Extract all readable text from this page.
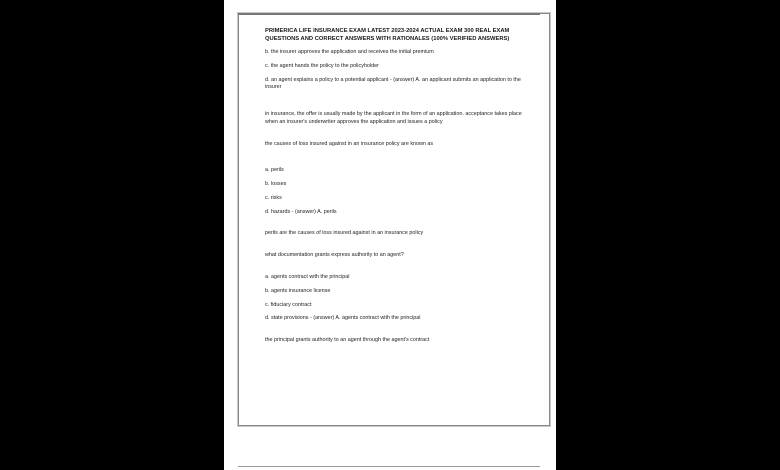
PRIMERICA LIFE INSURANCE EXAM LATEST 2023-2024 ACTUAL EXAM 300 REAL EXAM QUESTIONS AND CORRECT ANSWERS WITH RATIONALES (100% VERIFIED ANSWERS)
b. the insurer approves the application and receives the initial premium
c. the agent hands the policy to the policyholder
d. an agent explains a policy to a potential applicant - (answer) A. an applicant submits an application to the insurer
in insurance, the offer is usually made by the applicant in the form of an application. acceptance takes place when an insurer's underwriter approves the application and issues a policy
the causes of loss insured against in an insurance policy are known as
a. perils
b. losses
c. risks
d. hazards - (answer) A. perils
perils are the causes of loss insured against in an insurance policy
what documentation grants express authority to an agent?
a. agents contract with the principal
b. agents insurance license
c. fiduciary contract
d. state provisions - (answer) A. agents contract with the principal
the principal grants authority to an agent through the agent's contract
